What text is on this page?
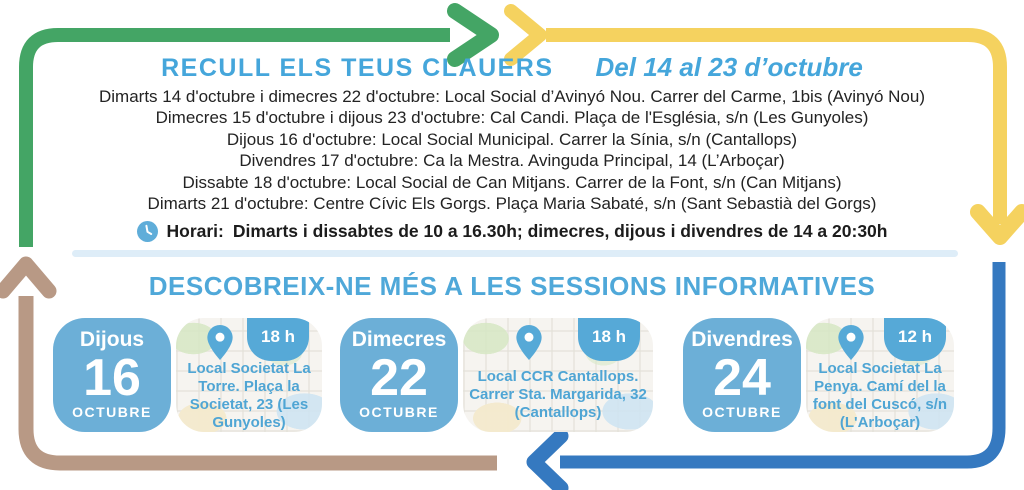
RECULL ELS TEUS CLAUERS Del 14 al 23 d’octubre
Dimarts 14 d'octubre i dimecres 22 d'octubre: Local Social d’Avinyó Nou. Carrer del Carme, 1bis (Avinyó Nou)
Dimecres 15 d'octubre i dijous 23 d'octubre: Cal Candi. Plaça de l'Església, s/n (Les Gunyoles)
Dijous 16 d'octubre: Local Social Municipal. Carrer la Sínia, s/n (Cantallops)
Divendres 17 d'octubre: Ca la Mestra. Avinguda Principal, 14 (L’Arboçar)
Dissabte 18 d'octubre: Local Social de Can Mitjans. Carrer de la Font, s/n (Can Mitjans)
Dimarts 21 d'octubre: Centre Cívic Els Gorgs. Plaça Maria Sabaté, s/n (Sant Sebastià del Gorgs)
Horari: Dimarts i dissabtes de 10 a 16.30h; dimecres, dijous i divendres de 14 a 20:30h
DESCOBREIX-NE MÉS A LES SESSIONS INFORMATIVES
Dijous
16
OCTUBRE
18 h
Local Societat La Torre. Plaça la Societat, 23 (Les Gunyoles)
Dimecres
22
OCTUBRE
18 h
Local CCR Cantallops. Carrer Sta. Margarida, 32 (Cantallops)
Divendres
24
OCTUBRE
12 h
Local Societat La Penya. Camí del la font del Cuscó, s/n (L'Arboçar)
